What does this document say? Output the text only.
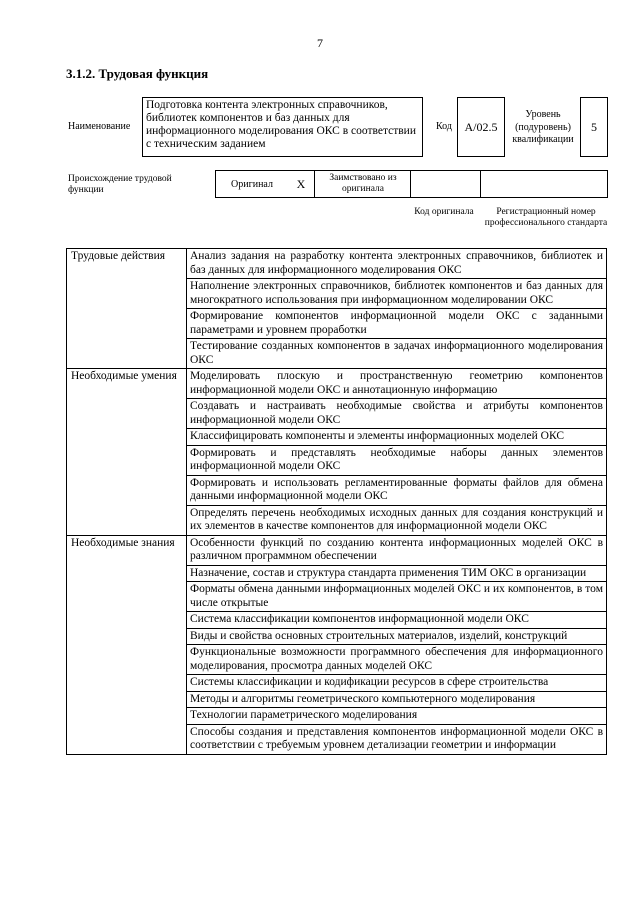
7
3.1.2. Трудовая функция
Наименование
Подготовка контента электронных справочников, библиотек компонентов и баз данных для информационного моделирования ОКС в соответствии с техническим заданием
Код A/02.5
Уровень (подуровень) квалификации
5
Происхождение трудовой функции
Оригинал	X	Заимствовано из оригинала
Код оригинала	Регистрационный номер профессионального стандарта
Трудовые действия	Анализ задания на разработку контента электронных справочников, библиотек и баз данных для информационного моделирования ОКС
	Наполнение электронных справочников, библиотек компонентов и баз данных для многократного использования при информационном моделировании ОКС
	Формирование компонентов информационной модели ОКС с заданными параметрами и уровнем проработки
	Тестирование созданных компонентов в задачах информационного моделирования ОКС
Необходимые умения	Моделировать плоскую и пространственную геометрию компонентов информационной модели ОКС и аннотационную информацию
	Создавать и настраивать необходимые свойства и атрибуты компонентов информационной модели ОКС
	Классифицировать компоненты и элементы информационных моделей ОКС
	Формировать и представлять необходимые наборы данных элементов информационной модели ОКС
	Формировать и использовать регламентированные форматы файлов для обмена данными информационной модели ОКС
	Определять перечень необходимых исходных данных для создания конструкций и их элементов в качестве компонентов для информационной модели ОКС
Необходимые знания	Особенности функций по созданию контента информационных моделей ОКС в различном программном обеспечении
	Назначение, состав и структура стандарта применения ТИМ ОКС в организации
	Форматы обмена данными информационных моделей ОКС и их компонентов, в том числе открытые
	Система классификации компонентов информационной модели ОКС
	Виды и свойства основных строительных материалов, изделий, конструкций
	Функциональные возможности программного обеспечения для информационного моделирования, просмотра данных моделей ОКС
	Системы классификации и кодификации ресурсов в сфере строительства
	Методы и алгоритмы геометрического компьютерного моделирования
	Технологии параметрического моделирования
	Способы создания и представления компонентов информационной модели ОКС в соответствии с требуемым уровнем детализации геометрии и информации
